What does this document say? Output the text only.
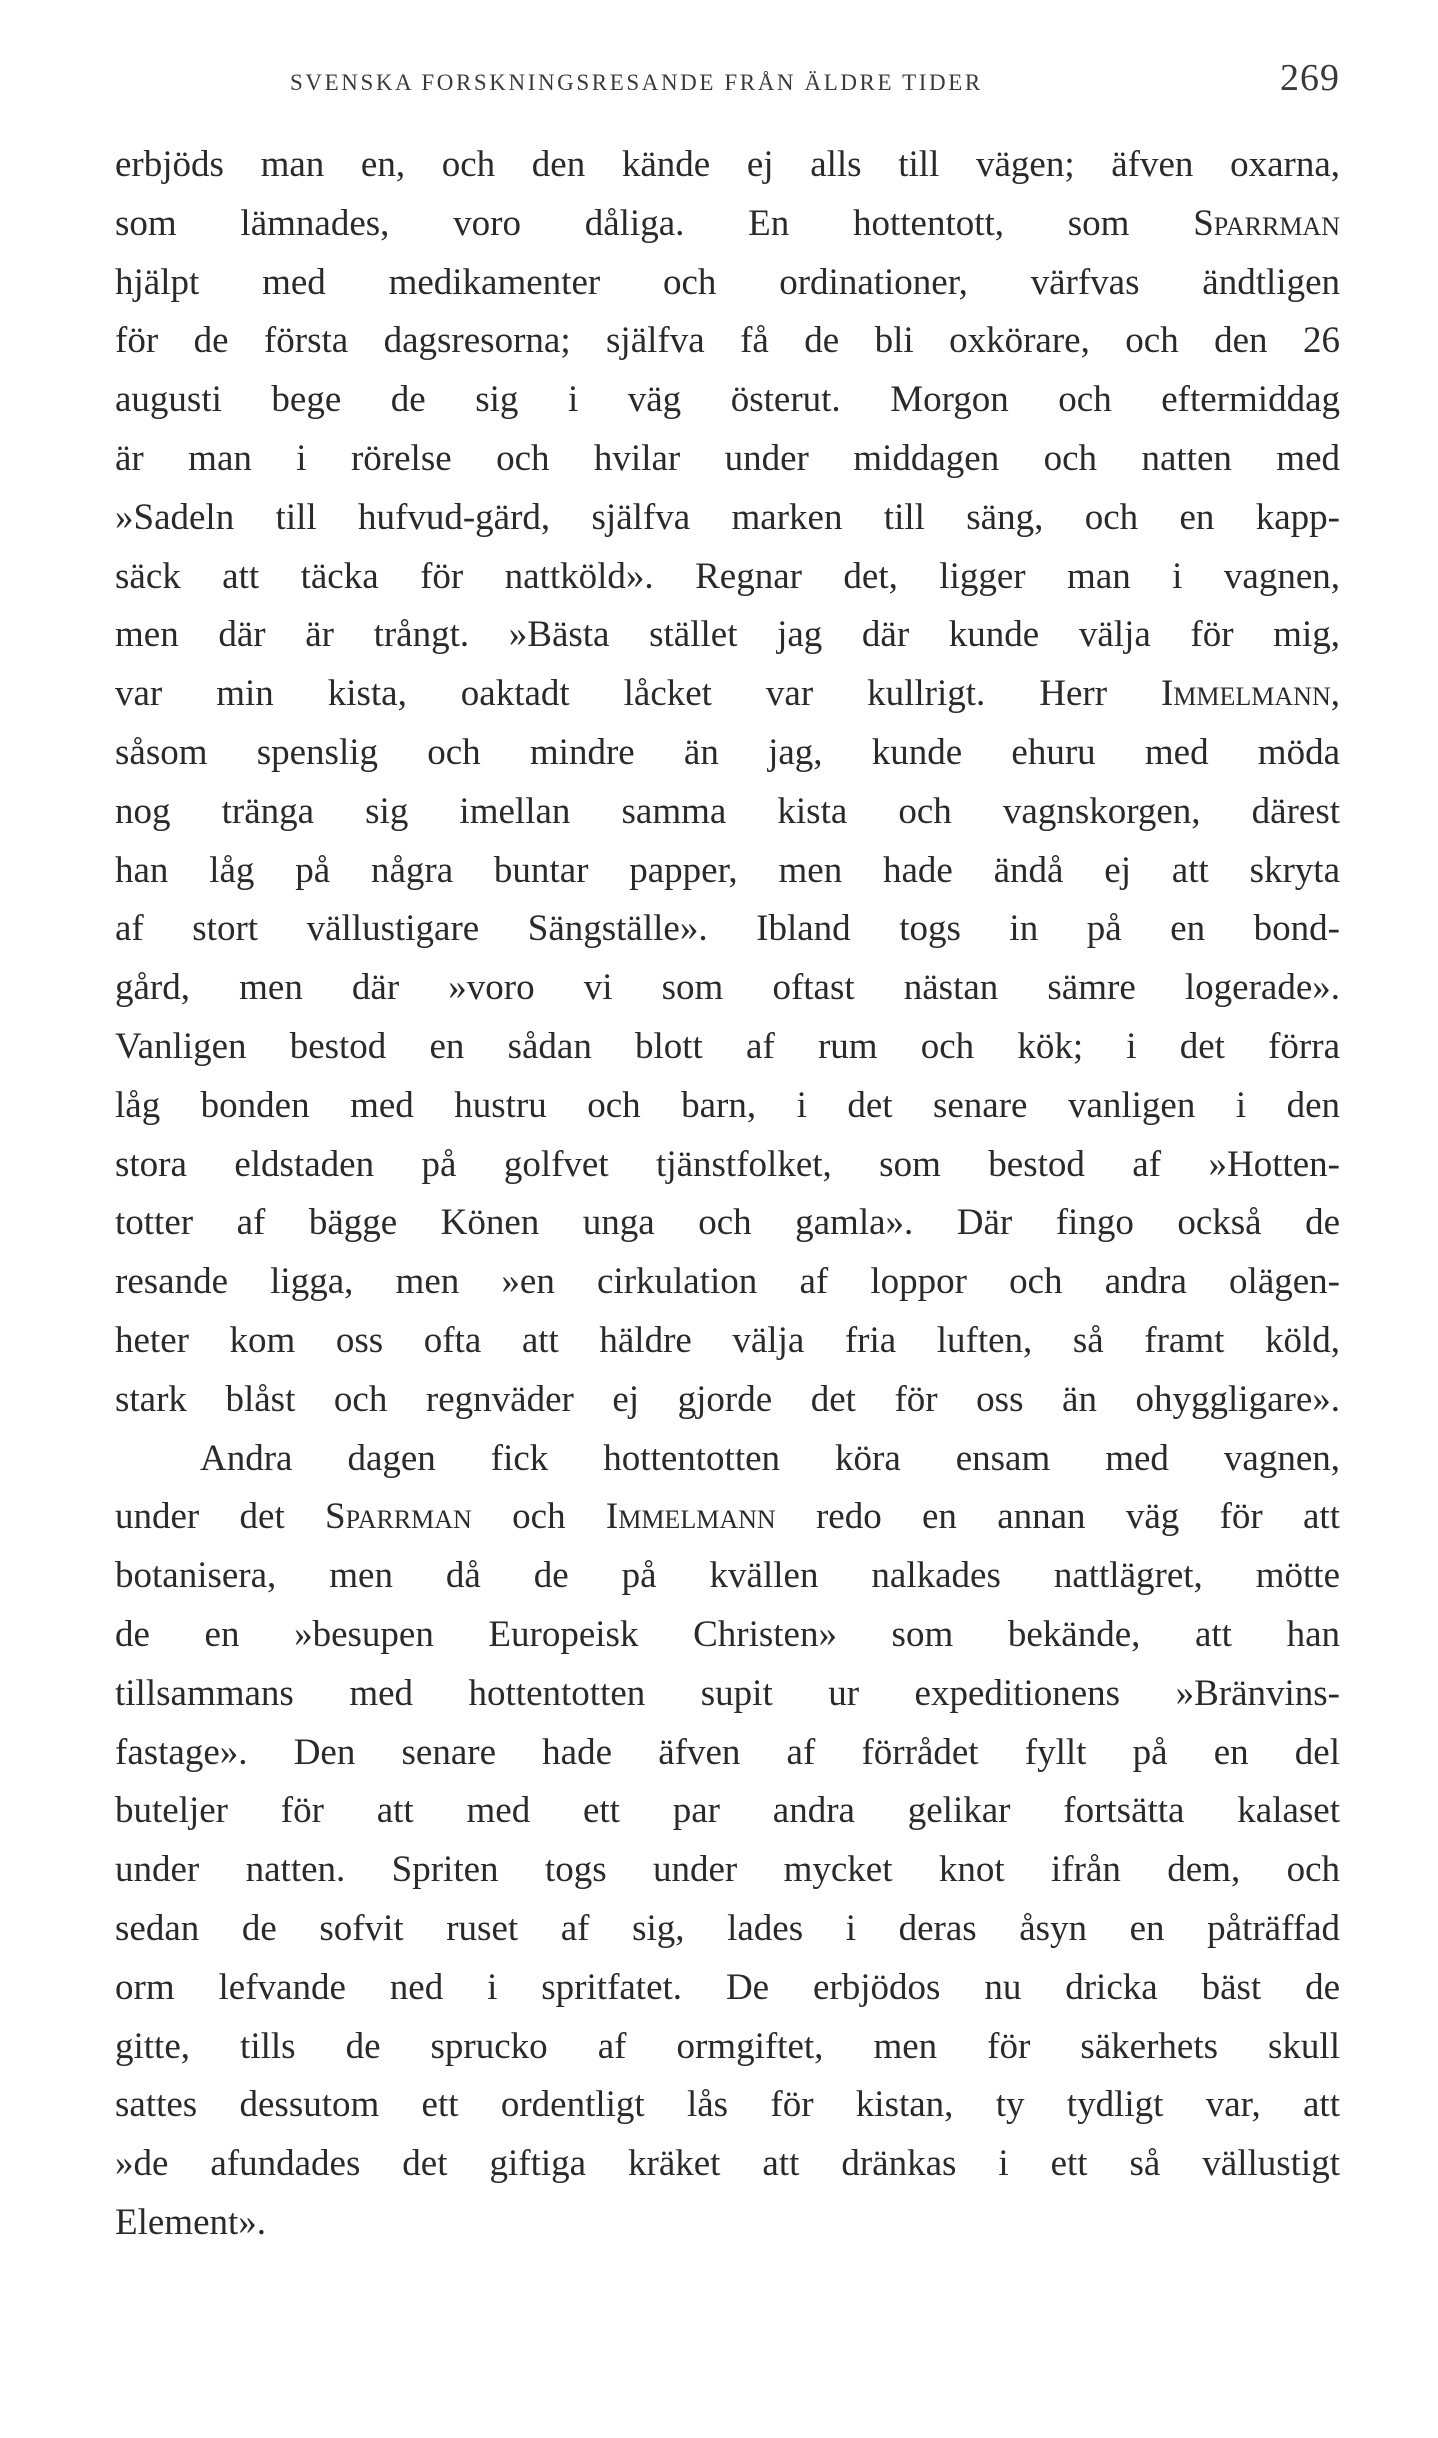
SVENSKA FORSKNINGSRESANDE FRÅN ÄLDRE TIDER	269
erbjöds man en, och den kände ej alls till vägen; äfven oxarna,
som lämnades, voro dåliga. En hottentott, som Sparrman
hjälpt med medikamenter och ordinationer, värfvas ändtligen
för de första dagsresorna; själfva få de bli oxkörare, och den 26
augusti bege de sig i väg österut. Morgon och eftermiddag
är man i rörelse och hvilar under middagen och natten med
»Sadeln till hufvud-gärd, själfva marken till säng, och en kapp-
säck att täcka för nattköld». Regnar det, ligger man i vagnen,
men där är trångt. »Bästa stället jag där kunde välja för mig,
var min kista, oaktadt låcket var kullrigt. Herr Immelmann,
såsom spenslig och mindre än jag, kunde ehuru med möda
nog tränga sig imellan samma kista och vagnskorgen, därest
han låg på några buntar papper, men hade ändå ej att skryta
af stort vällustigare Sängställe». Ibland togs in på en bond-
gård, men där »voro vi som oftast nästan sämre logerade».
Vanligen bestod en sådan blott af rum och kök; i det förra
låg bonden med hustru och barn, i det senare vanligen i den
stora eldstaden på golfvet tjänstfolket, som bestod af »Hotten-
totter af bägge Könen unga och gamla». Där fingo också de
resande ligga, men »en cirkulation af loppor och andra olägen-
heter kom oss ofta att häldre välja fria luften, så framt köld,
stark blåst och regnväder ej gjorde det för oss än ohyggligare».
Andra dagen fick hottentotten köra ensam med vagnen,
under det Sparrman och Immelmann redo en annan väg för att
botanisera, men då de på kvällen nalkades nattlägret, mötte
de en »besupen Europeisk Christen» som bekände, att han
tillsammans med hottentotten supit ur expeditionens »Bränvins-
fastage». Den senare hade äfven af förrådet fyllt på en del
buteljer för att med ett par andra gelikar fortsätta kalaset
under natten. Spriten togs under mycket knot ifrån dem, och
sedan de sofvit ruset af sig, lades i deras åsyn en påträffad
orm lefvande ned i spritfatet. De erbjödos nu dricka bäst de
gitte, tills de sprucko af ormgiftet, men för säkerhets skull
sattes dessutom ett ordentligt lås för kistan, ty tydligt var, att
»de afundades det giftiga kräket att dränkas i ett så vällustigt
Element».
